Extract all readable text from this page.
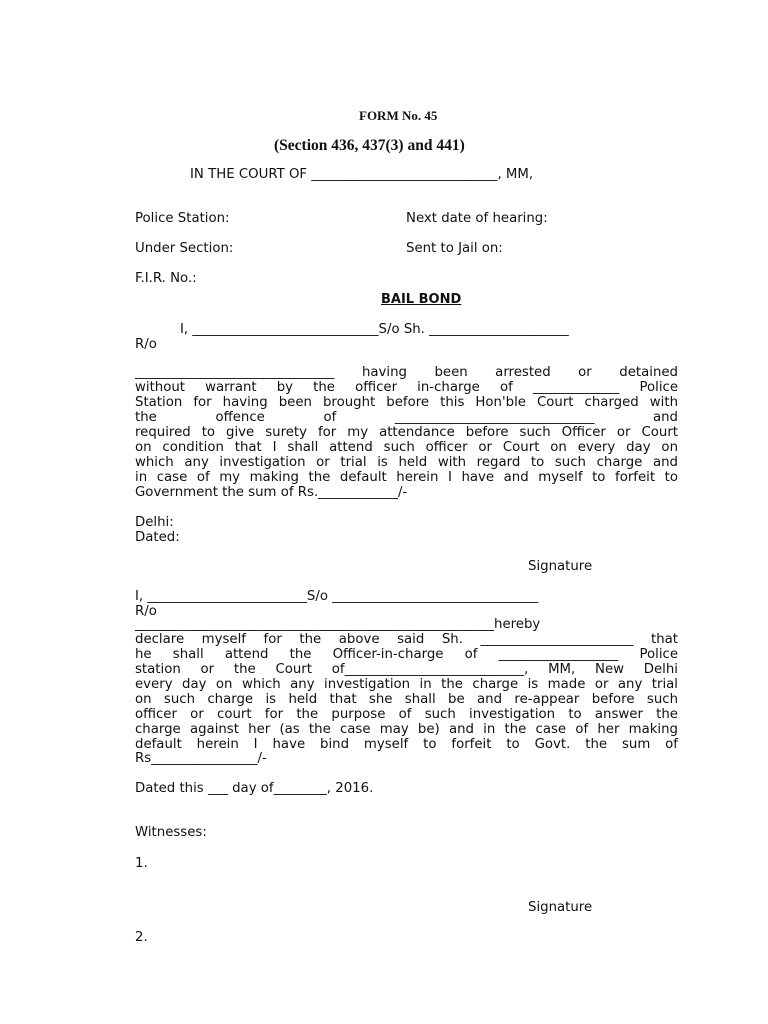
FORM No. 45
(Section 436, 437(3) and 441)
IN THE COURT OF ____________________________, MM,
Police Station:	Next date of hearing:
Under Section:	Sent to Jail on:
F.I.R. No.:
BAIL BOND
I, ____________________________S/o Sh. _____________________
R/o
______________________________ having been arrested or detained
without warrant by the officer in-charge of _____________ Police
Station for having been brought before this Hon'ble Court charged with
the offence of ______________________________ and
required to give surety for my attendance before such Officer or Court
on condition that I shall attend such officer or Court on every day on
which any investigation or trial is held with regard to such charge and
in case of my making the default herein I have and myself to forfeit to
Government the sum of Rs.____________/-
Delhi:
Dated:
Signature
I, ________________________S/o _______________________________
R/o
______________________________________________________hereby
declare myself for the above said Sh. _______________________ that
he shall attend the Officer-in-charge of __________________ Police
station or the Court of___________________________, MM, New Delhi
every day on which any investigation in the charge is made or any trial
on such charge is held that she shall be and re-appear before such
officer or court for the purpose of such investigation to answer the
charge against her (as the case may be) and in the case of her making
default herein I have bind myself to forfeit to Govt. the sum of
Rs________________/-
Dated this ___ day of________, 2016.
Witnesses:
1.
Signature
2.
